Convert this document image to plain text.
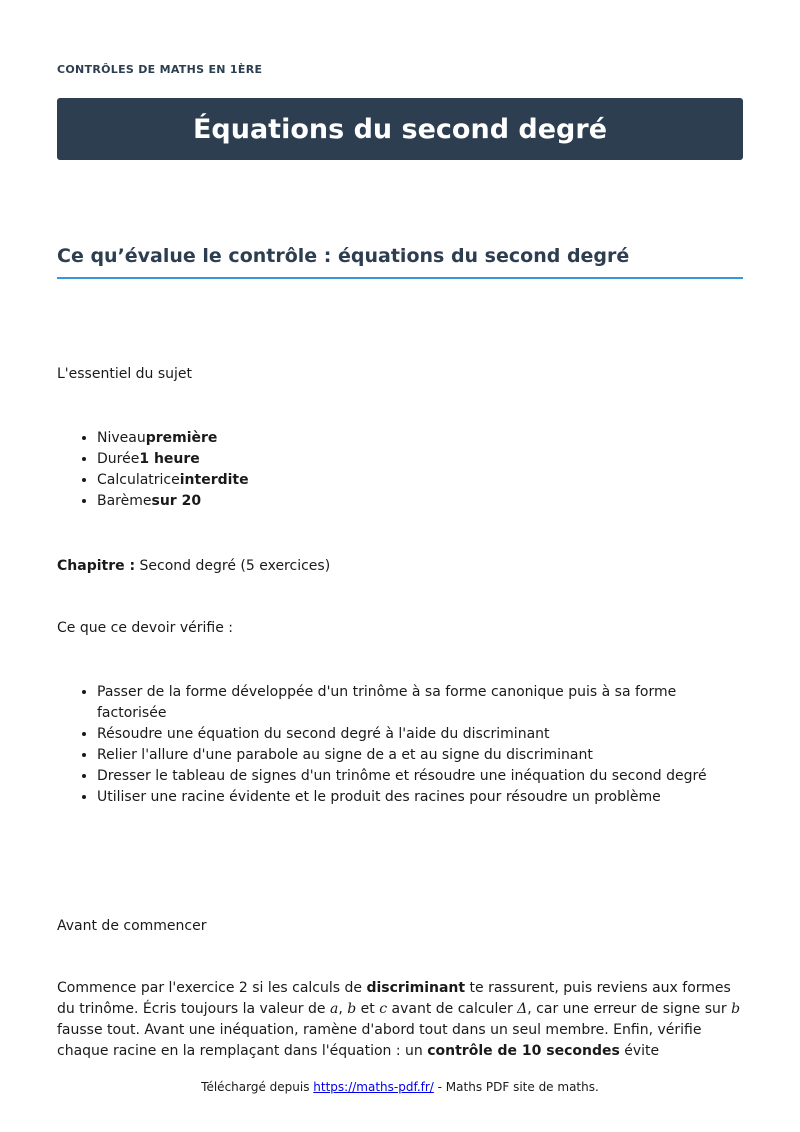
CONTRÔLES DE MATHS EN 1ÈRE
Équations du second degré
Ce qu’évalue le contrôle : équations du second degré
L'essentiel du sujet
• Niveaupremière
• Durée1 heure
• Calculatriceinterdite
• Barèmesur 20
Chapitre : Second degré (5 exercices)
Ce que ce devoir vérifie :
• Passer de la forme développée d'un trinôme à sa forme canonique puis à sa forme factorisée
• Résoudre une équation du second degré à l'aide du discriminant
• Relier l'allure d'une parabole au signe de a et au signe du discriminant
• Dresser le tableau de signes d'un trinôme et résoudre une inéquation du second degré
• Utiliser une racine évidente et le produit des racines pour résoudre un problème
Avant de commencer
Commence par l'exercice 2 si les calculs de discriminant te rassurent, puis reviens aux formes du trinôme. Écris toujours la valeur de a, b et c avant de calculer Δ, car une erreur de signe sur b fausse tout. Avant une inéquation, ramène d'abord tout dans un seul membre. Enfin, vérifie chaque racine en la remplaçant dans l'équation : un contrôle de 10 secondes évite
Téléchargé depuis https://maths-pdf.fr/ - Maths PDF site de maths.
